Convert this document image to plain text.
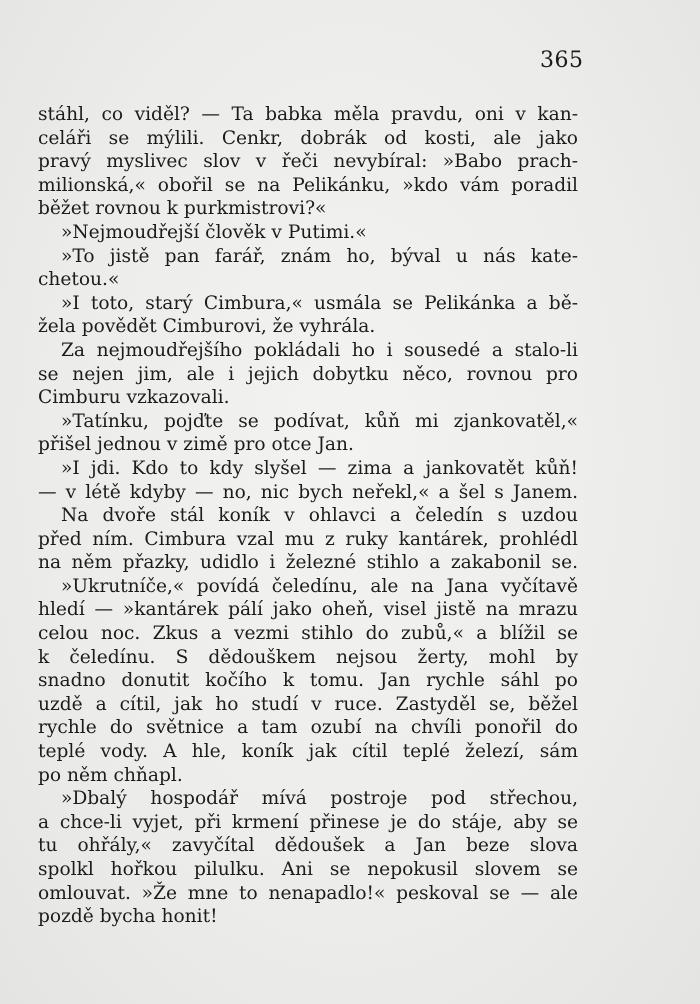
365
stáhl, co viděl? — Ta babka měla pravdu, oni v kan-
celáři se mýlili. Cenkr, dobrák od kosti, ale jako
pravý myslivec slov v řeči nevybíral: »Babo prach-
milionská,« obořil se na Pelikánku, »kdo vám poradil
běžet rovnou k purkmistrovi?«
»Nejmoudřejší člověk v Putimi.«
»To jistě pan farář, znám ho, býval u nás kate-
chetou.«
»I toto, starý Cimbura,« usmála se Pelikánka a bě-
žela povědět Cimburovi, že vyhrála.
Za nejmoudřejšího pokládali ho i sousedé a stalo-li
se nejen jim, ale i jejich dobytku něco, rovnou pro
Cimburu vzkazovali.
»Tatínku, pojďte se podívat, kůň mi zjankovatěl,«
přišel jednou v zimě pro otce Jan.
»I jdi. Kdo to kdy slyšel — zima a jankovatět kůň!
— v létě kdyby — no, nic bych neřekl,« a šel s Janem.
Na dvoře stál koník v ohlavci a čeledín s uzdou
před ním. Cimbura vzal mu z ruky kantárek, prohlédl
na něm přazky, udidlo i železné stihlo a zakabonil se.
»Ukrutníče,« povídá čeledínu, ale na Jana vyčítavě
hledí — »kantárek pálí jako oheň, visel jistě na mrazu
celou noc. Zkus a vezmi stihlo do zubů,« a blížil se
k čeledínu. S dědouškem nejsou žerty, mohl by
snadno donutit kočího k tomu. Jan rychle sáhl po
uzdě a cítil, jak ho studí v ruce. Zastyděl se, běžel
rychle do světnice a tam ozubí na chvíli ponořil do
teplé vody. A hle, koník jak cítil teplé železí, sám
po něm chňapl.
»Dbalý hospodář mívá postroje pod střechou,
a chce-li vyjet, při krmení přinese je do stáje, aby se
tu ohřály,« zavyčítal dědoušek a Jan beze slova
spolkl hořkou pilulku. Ani se nepokusil slovem se
omlouvat. »Že mne to nenapadlo!« peskoval se — ale
pozdě bycha honit!
